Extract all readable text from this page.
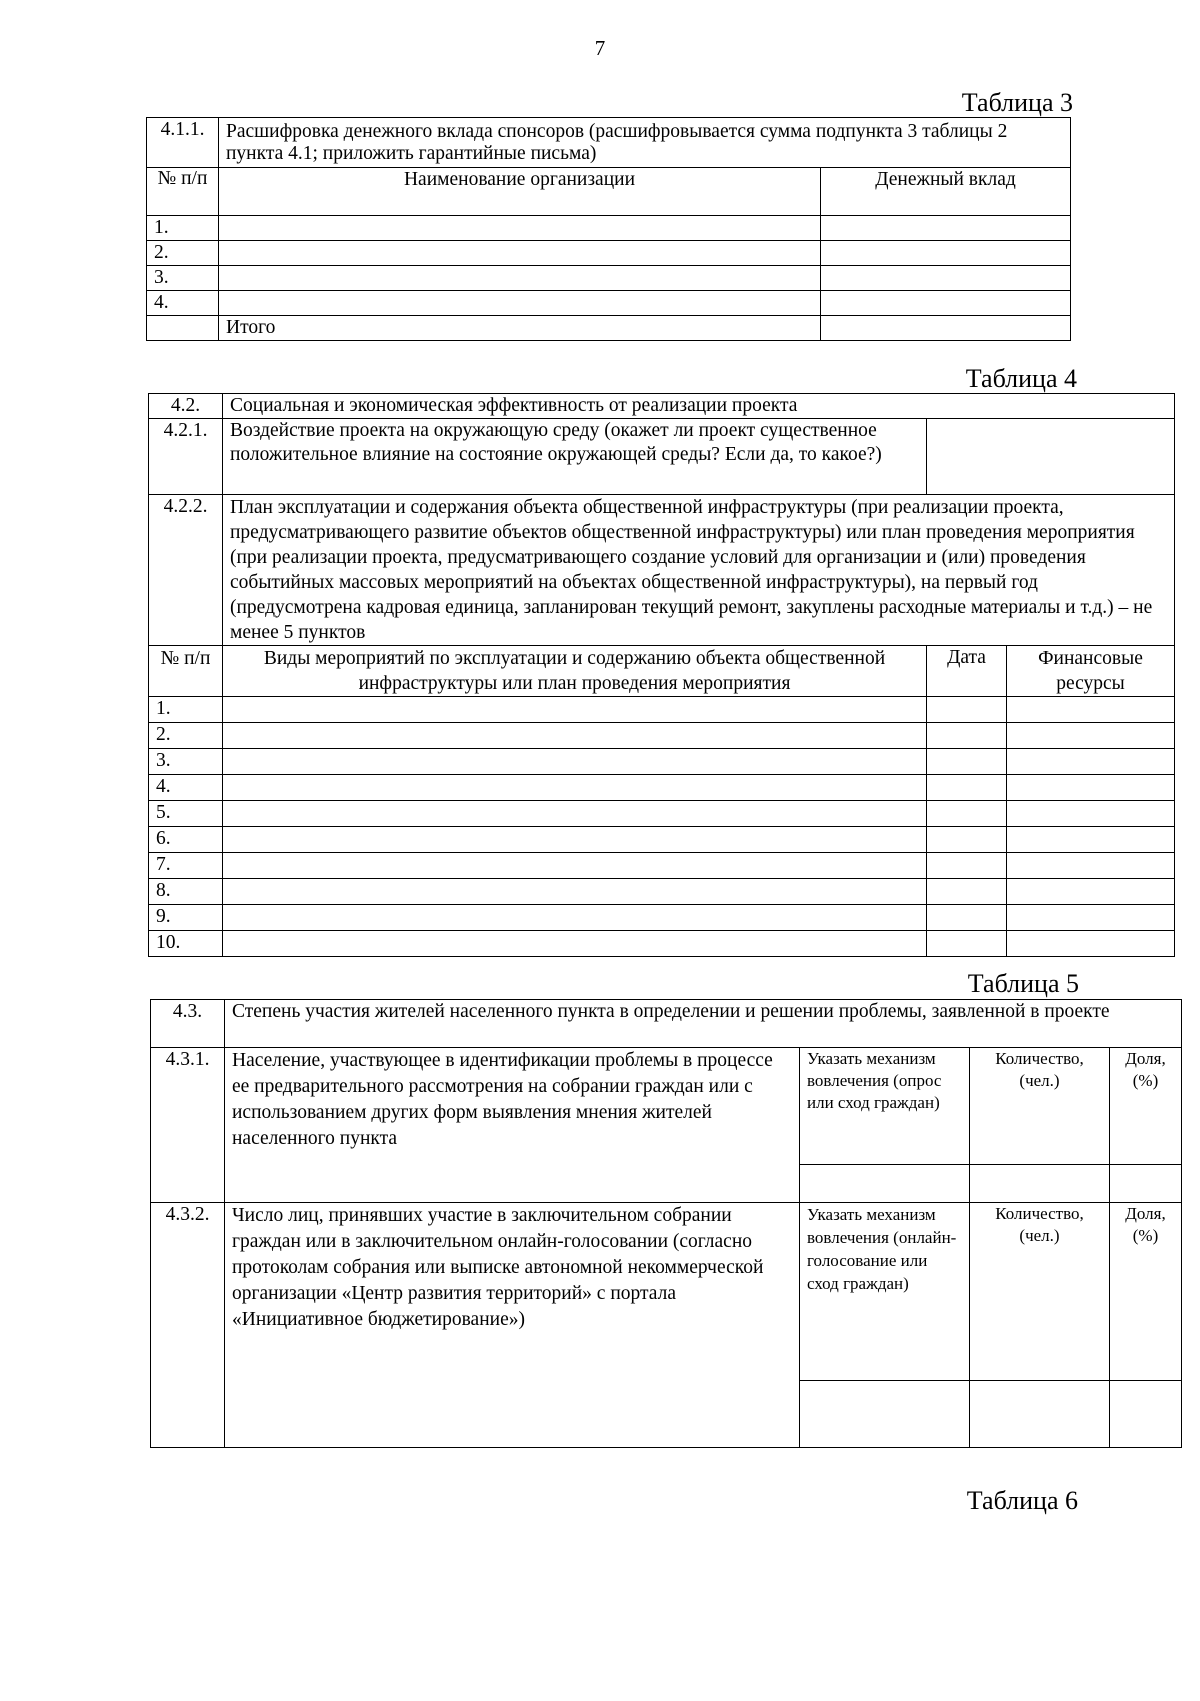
7
Таблица 3
4.1.1.	Расшифровка денежного вклада спонсоров (расшифровывается сумма подпункта 3 таблицы 2 пункта 4.1; приложить гарантийные письма)	
№ п/п	Наименование организации	Денежный вклад
1.		
2.		
3.		
4.		
	Итого	
Таблица 4
4.2.	Социальная и экономическая эффективность от реализации проекта		
4.2.1.	Воздействие проекта на окружающую среду (окажет ли проект существенное положительное влияние на состояние окружающей среды? Если да, то какое?)		
4.2.2.	План эксплуатации и содержания объекта общественной инфраструктуры (при реализации проекта, предусматривающего развитие объектов общественной инфраструктуры) или план проведения мероприятия (при реализации проекта, предусматривающего создание условий для организации и (или) проведения событийных массовых мероприятий на объектах общественной инфраструктуры), на первый год (предусмотрена кадровая единица, запланирован текущий ремонт, закуплены расходные материалы и т.д.) – не менее 5 пунктов		
№ п/п	Виды мероприятий по эксплуатации и содержанию объекта общественной инфраструктуры или план проведения мероприятия	Дата	Финансовые ресурсы
1.			
2.			
3.			
4.			
5.			
6.			
7.			
8.			
9.			
10.			
Таблица 5
4.3.	Степень участия жителей населенного пункта в определении и решении проблемы, заявленной в проекте			
4.3.1.	Население, участвующее в идентификации проблемы в процессе ее предварительного рассмотрения на собрании граждан или с использованием других форм выявления мнения жителей населенного пункта	Указать механизм вовлечения (опрос или сход граждан)	Количество, (чел.)	Доля, (%)

4.3.2.	Число лиц, принявших участие в заключительном собрании граждан или в заключительном онлайн-голосовании (согласно протоколам собрания или выписке автономной некоммерческой организации «Центр развития территорий» с портала «Инициативное бюджетирование»)	Указать механизм вовлечения (онлайн-голосование или сход граждан)	Количество, (чел.)	Доля, (%)

Таблица 6
